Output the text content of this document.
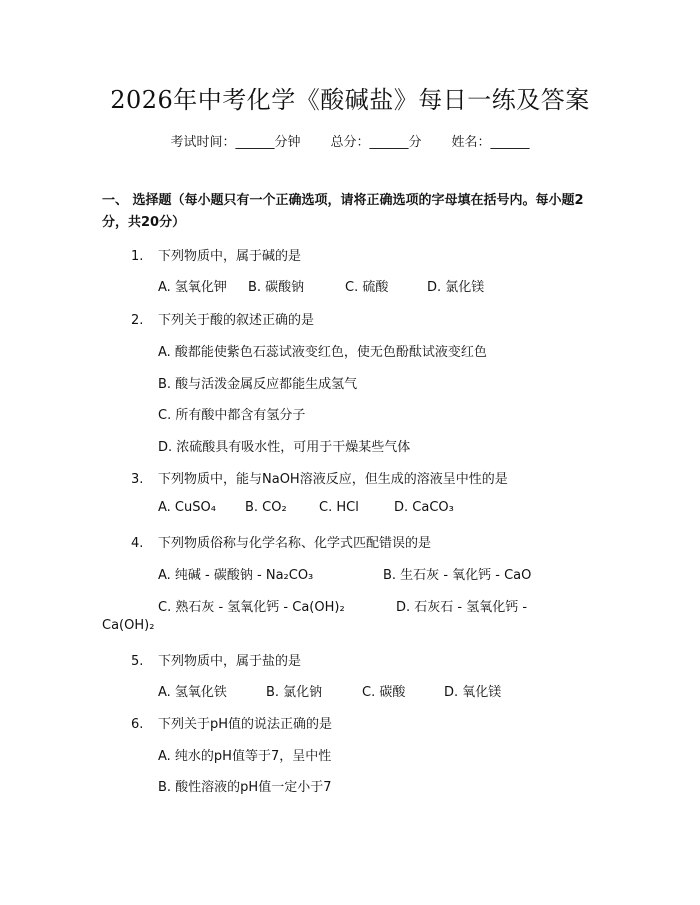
2026年中考化学《酸碱盐》每日一练及答案
考试时间：______分钟 总分：______分 姓名：______
一、 选择题（每小题只有一个正确选项，请将正确选项的字母填在括号内。每小题2分，共20分）
1. 下列物质中，属于碱的是
A. 氢氧化钾 B. 碳酸钠	C. 硫酸	D. 氯化镁
2. 下列关于酸的叙述正确的是
A. 酸都能使紫色石蕊试液变红色，使无色酚酞试液变红色
B. 酸与活泼金属反应都能生成氢气
C. 所有酸中都含有氢分子
D. 浓硫酸具有吸水性，可用于干燥某些气体
3. 下列物质中，能与NaOH溶液反应，但生成的溶液呈中性的是
A. CuSO₄ B. CO₂ C. HCl	D. CaCO₃
4. 下列物质俗称与化学名称、化学式匹配错误的是
A. 纯碱 - 碳酸钠 - Na₂CO₃	B. 生石灰 - 氧化钙 - CaO
C. 熟石灰 - 氢氧化钙 - Ca(OH)₂	D. 石灰石 - 氢氧化钙 -
Ca(OH)₂
5. 下列物质中，属于盐的是
A. 氢氧化铁	B. 氯化钠	C. 碳酸	D. 氧化镁
6. 下列关于pH值的说法正确的是
A. 纯水的pH值等于7，呈中性
B. 酸性溶液的pH值一定小于7
